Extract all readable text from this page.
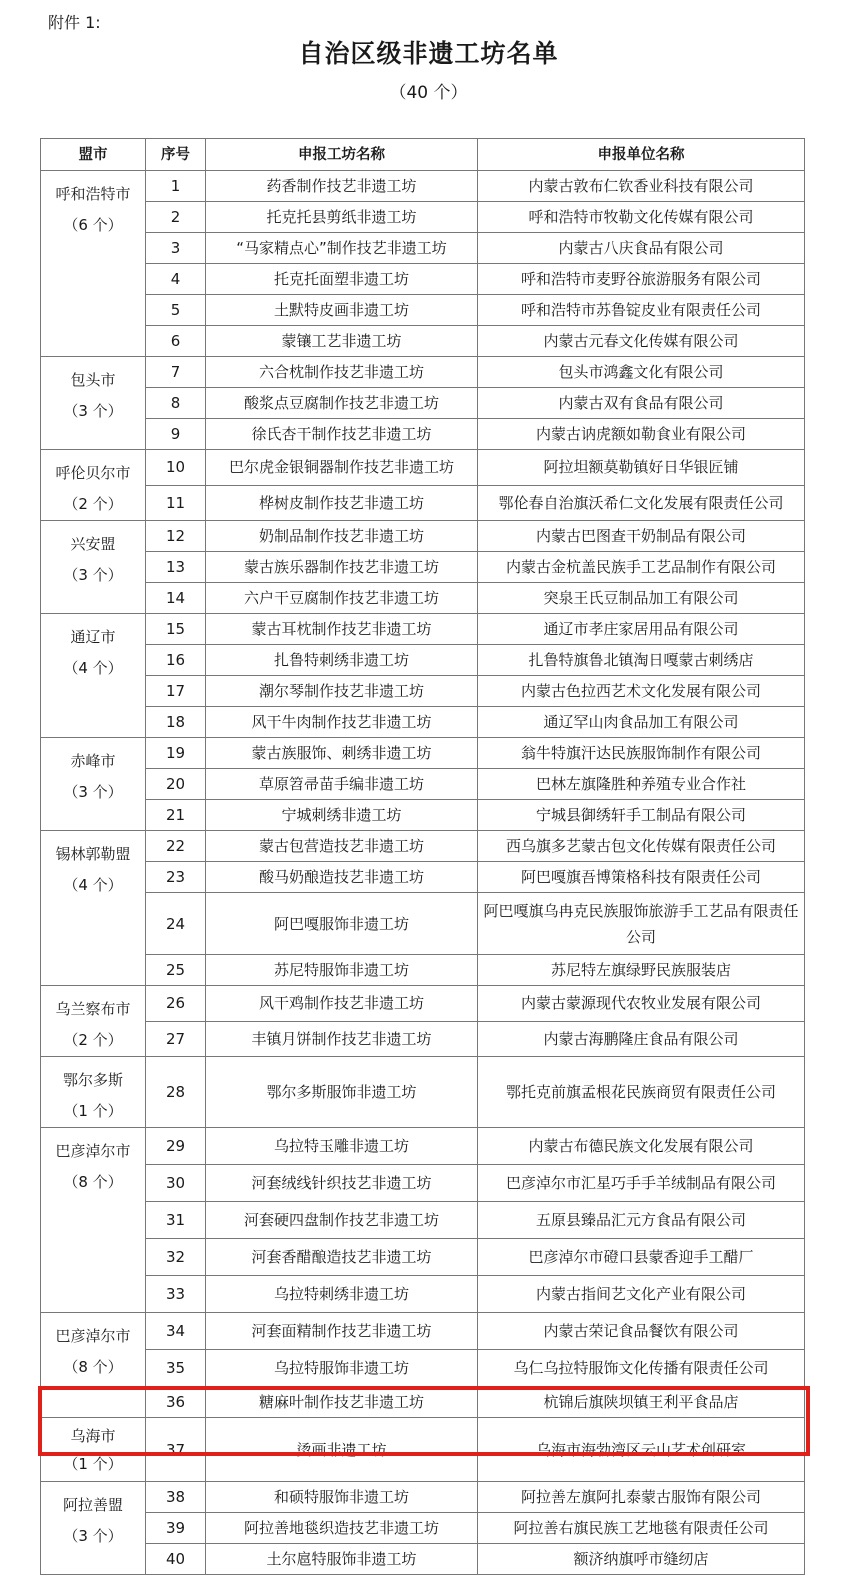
附件 1:
自治区级非遗工坊名单
（40 个）
盟市	序号	申报工坊名称	申报单位名称

呼和浩特市
（6 个）	1	药香制作技艺非遗工坊	内蒙古敦布仁钦香业科技有限公司
	2	托克托县剪纸非遗工坊	呼和浩特市牧勒文化传媒有限公司
	3	“马家精点心”制作技艺非遗工坊	内蒙古八庆食品有限公司
	4	托克托面塑非遗工坊	呼和浩特市麦野谷旅游服务有限公司
	5	土默特皮画非遗工坊	呼和浩特市苏鲁锭皮业有限责任公司
	6	蒙镶工艺非遗工坊	内蒙古元春文化传媒有限公司

包头市
（3 个）	7	六合枕制作技艺非遗工坊	包头市鸿鑫文化有限公司
	8	酸浆点豆腐制作技艺非遗工坊	内蒙古双有食品有限公司
	9	徐氏杏干制作技艺非遗工坊	内蒙古讷虎额如勒食业有限公司

呼伦贝尔市
（2 个）	10	巴尔虎金银铜器制作技艺非遗工坊	阿拉坦额莫勒镇好日华银匠铺
	11	桦树皮制作技艺非遗工坊	鄂伦春自治旗沃希仁文化发展有限责任公司

兴安盟
（3 个）	12	奶制品制作技艺非遗工坊	内蒙古巴图查干奶制品有限公司
	13	蒙古族乐器制作技艺非遗工坊	内蒙古金杭盖民族手工艺品制作有限公司
	14	六户干豆腐制作技艺非遗工坊	突泉王氏豆制品加工有限公司

通辽市
（4 个）	15	蒙古耳枕制作技艺非遗工坊	通辽市孝庄家居用品有限公司
	16	扎鲁特刺绣非遗工坊	扎鲁特旗鲁北镇淘日嘎蒙古刺绣店
	17	潮尔琴制作技艺非遗工坊	内蒙古色拉西艺术文化发展有限公司
	18	风干牛肉制作技艺非遗工坊	通辽罕山肉食品加工有限公司

赤峰市
（3 个）	19	蒙古族服饰、刺绣非遗工坊	翁牛特旗汗达民族服饰制作有限公司
	20	草原笤帚苗手编非遗工坊	巴林左旗隆胜种养殖专业合作社
	21	宁城刺绣非遗工坊	宁城县御绣轩手工制品有限公司

锡林郭勒盟
（4 个）	22	蒙古包营造技艺非遗工坊	西乌旗多艺蒙古包文化传媒有限责任公司
	23	酸马奶酿造技艺非遗工坊	阿巴嘎旗吾博策格科技有限责任公司
	24	阿巴嘎服饰非遗工坊	阿巴嘎旗乌冉克民族服饰旅游手工艺品有限责任公司
	25	苏尼特服饰非遗工坊	苏尼特左旗绿野民族服装店

乌兰察布市
（2 个）	26	风干鸡制作技艺非遗工坊	内蒙古蒙源现代农牧业发展有限公司
	27	丰镇月饼制作技艺非遗工坊	内蒙古海鹏隆庄食品有限公司

鄂尔多斯
（1 个）	28	鄂尔多斯服饰非遗工坊	鄂托克前旗孟根花民族商贸有限责任公司

巴彦淖尔市
（8 个）	29	乌拉特玉雕非遗工坊	内蒙古布德民族文化发展有限公司
	30	河套绒线针织技艺非遗工坊	巴彦淖尔市汇星巧手手羊绒制品有限公司
	31	河套硬四盘制作技艺非遗工坊	五原县臻品汇元方食品有限公司
	32	河套香醋酿造技艺非遗工坊	巴彦淖尔市磴口县蒙香迎手工醋厂
	33	乌拉特刺绣非遗工坊	内蒙古指间艺文化产业有限公司

巴彦淖尔市
（8 个）	34	河套面精制作技艺非遗工坊	内蒙古荣记食品餐饮有限公司
	35	乌拉特服饰非遗工坊	乌仁乌拉特服饰文化传播有限责任公司
	36	糖麻叶制作技艺非遗工坊	杭锦后旗陕坝镇王利平食品店

乌海市
（1 个）	37	烫画非遗工坊	乌海市海勃湾区云山艺术创研室

阿拉善盟
（3 个）	38	和硕特服饰非遗工坊	阿拉善左旗阿扎泰蒙古服饰有限公司
	39	阿拉善地毯织造技艺非遗工坊	阿拉善右旗民族工艺地毯有限责任公司
	40	土尔扈特服饰非遗工坊	额济纳旗呼市缝纫店
